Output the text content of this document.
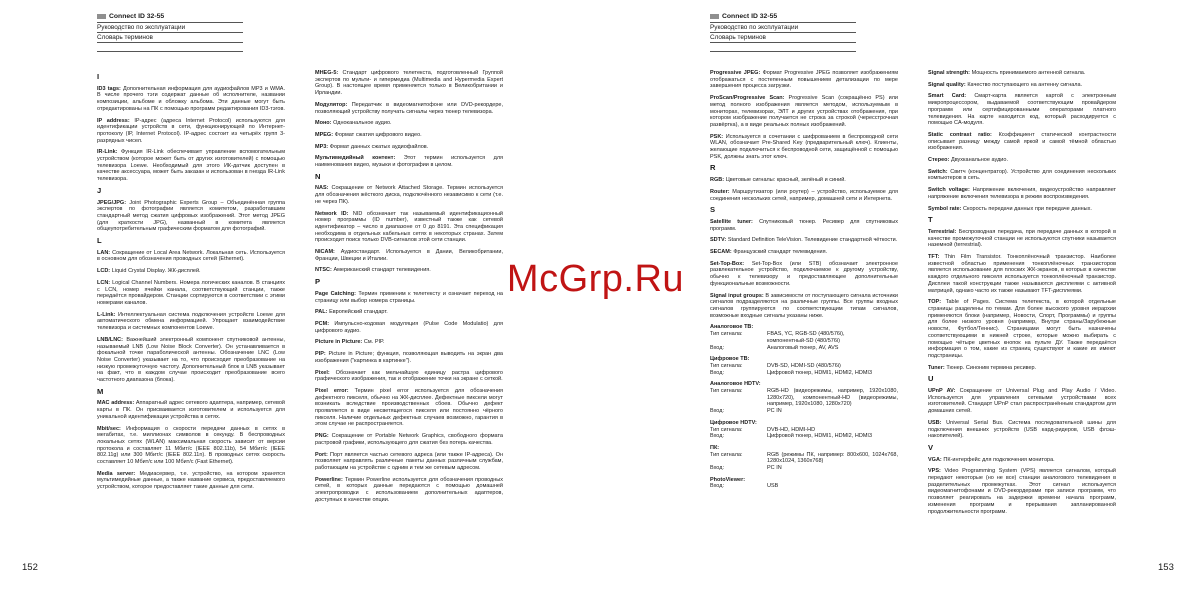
Connect ID 32-55
Руководство по эксплуатации
Словарь терминов
I
ID3 tags: Дополнительная информация для аудиофайлов MP3 и WMA. В числе прочего тэги содержат данные об исполнителе, названии композиции, альбоме и обложку альбома. Эти данные могут быть отредактированы на ПК с помощью программ редактирования ID3-тэгов.
IP address: IP-адрес (адреса Internet Protocol) используются для идентификации устройств в сети, функционирующей по Интернет-протоколу (IP, Internet Protocol). IP-адрес состоит из четырёх групп 3-разрядных чисел.
IR-Link: Функция IR-Link обеспечивает управление вспомогательным устройством (которое может быть от других изготовителей) с помощью телевизора Loewe. Необходимый для этого ИК-датчик доступен в качестве аксессуара, может быть заказан и использован в гнезда IR-Link телевизора.
J
JPEG/JPG: Joint Photographic Experts Group – Объединённая группа экспертов по фотографии является комитетом, разработавшим стандартный метод сжатия цифровых изображений. Этот метод JPEG (для краткости JPG), названный в комитета является общеупотребительным графическим форматом для фотографий.
L
LAN: Сокращение от Local Area Network. Локальная сеть. Используется в основном для обозначения проводных сетей (Ethernet).
LCD: Liquid Crystal Display. ЖК-дисплей.
LCN: Logical Channel Numbers. Номера логических каналов. В станциях с LCN, номер ячейки канала, соответствующий станции, также передаётся провайдером. Станции сортируются в соответствии с этими номерами каналов.
L-Link: Интеллектуальная система подключения устройств Loewe для автоматического обмена информацией. Упрощает взаимодействие телевизора и системных компонентов Loewe.
LNB/LNC: Важнейший электронный компонент спутниковой антенны, называемый LNB (Low Noise Block Converter). Он устанавливается в фокальной точке параболической антенны. Обозначение LNC (Low Noise Converter) указывает на то, что происходит преобразование на низкую промежуточную частоту. Дополнительный блок в LNB указывает на факт, что в каждом случае происходит преобразование всего частотного диапазона (блока).
M
MAC address: Аппаратный адрес сетевого адаптера, например, сетевой карты в ПК. Он присваивается изготовителем и используется для уникальной идентификации устройства в сетях.
Mbit/sec: Информация о скорости передачи данных в сетях в мегабитах, т.е. миллионах символов в секунду. В беспроводных локальных сетях (WLAN) максимальная скорость зависит от версии протокола и составляет 11 Мбит/с (IEEE 802.11b), 54 Мбит/с (IEEE 802.11g) или 300 Мбит/с (IEEE 802.11n). В проводных сетях скорость составляет 10 Мбит/с или 100 Мбит/с (Fast Ethernet).
Media server: Медиасервер, т.е. устройство, на котором хранятся мультимедийные данные, а также название сервиса, предоставляемого устройством, которое предоставляет такие данные для сети.
MHEG-5: Стандарт цифрового телетекста, подготовленный Группой экспертов по мульти- и гипермедиа (Multimedia and Hypermedia Expert Group). В настоящее время применяется только в Великобритании и Ирландии.
Модулятор: Передатчик в видеомагнитофоне или DVD-рекордере, позволяющий устройству получать сигналы через тюнер телевизора.
Моно: Одноканальное аудио.
MPEG: Формат сжатия цифрового видео.
MP3: Формат данных сжатых аудиофайлов.
Мультимедийный контент: Этот термин используется для наименования видео, музыки и фотографии в целом.
N
NAS: Сокращение от Network Attached Storage. Термин используется для обозначения жёсткого диска, подключённого независимо к сети (т.е. не через ПК).
Network ID: NID обозначает так называемый идентификационный номер программы (ID number), известный также как сетевой идентификатор – число в диапазоне от 0 до 8191. Эта спецификация необходима в отдельных кабельных сетях в некоторых странах. Затем происходит поиск только DVB-сигналов этой сети станции.
NICAM: Аудиостандарт. Используется в Дании, Великобритании, Франции, Швеции и Италии.
NTSC: Американский стандарт телевидения.
P
Page Catching: Термин применим к телетексту и означает переход на страницу или выбор номера страницы.
PAL: Европейский стандарт.
PCM: Импульсно-кодовая модуляция (Pulse Code Modulatio) для цифрового аудио.
Picture in Picture: См. PIP.
PIP: Picture in Picture; функция, позволяющая выводить на экран два изображения ("картинка в картинке").
Pixel: Обозначает как мельчайшую единицу растра цифрового графического изображения, так и отображение точки на экране с сеткой.
Pixel error: Термин pixel error используется для обозначения дефектного пикселя, обычно на ЖК-дисплее. Дефектные пиксели могут возникать вследствие производственных сбоев. Обычно дефект проявляется в виде несветящегося пикселя или постоянно чёрного пикселя. Наличие отдельных дефектных случаев возможно, гарантия в этом случае не распространяется.
PNG: Сокращение от Portable Network Graphics, свободного формата растровой графики, использующего для сжатия без потерь качества.
Port: Порт является частью сетевого адреса (или также IP-адреса). Он позволяет направлять различные пакеты данных различным службам, работающим на устройстве с одним и тем же сетевым адресом.
Powerline: Термин Powerline используется для обозначения проводных сетей, в которых данные передаются с помощью домашней электропроводки с использованием дополнительных адаптеров, доступных в качестве опции.
152
Connect ID 32-55
Руководство по эксплуатации
Словарь терминов
Progressive JPEG: Формат Progressive JPEG позволяет изображениям отображаться с постепенным повышением детализации по мере завершения процесса загрузки.
ProScan/Progressive Scan: Progressive Scan (сокращённо PS) или метод полного изображения является методом, используемым в мониторах, телевизорах, ЭЛТ и других устройствах отображения, при котором изображение получается не строка за строкой (чересстрочная развёртка), а в виде реальных полных изображений.
PSK: Используется в сочетании с шифрованием в беспроводной сети WLAN, обозначает Pre-Shared Key (предварительный ключ). Клиенты, желающие подключиться к беспроводной сети, защищённой с помощью PSK, должны знать этот ключ.
R
RGB: Цветовые сигналы: красный, зелёный и синий.
Router: Маршрутизатор (или роутер) – устройство, используемое для соединения нескольких сетей, например, домашней сети и Интернета.
S
Satellite tuner: Спутниковый тюнер. Ресивер для спутниковых программ.
SDTV: Standard Definition TeleVision. Телевидение стандартной чёткости.
SECAM: Французский стандарт телевидения.
Set-Top-Box: Set-Top-Box (или STB) обозначает электронное развлекательное устройство, подключаемое к другому устройству, обычно к телевизору и предоставляющее дополнительные функциональные возможности.
Signal input groups: В зависимости от поступающего сигнала источники сигналов подразделяются на различные группы. Все группы входных сигналов группируются по соответствующим типам сигналов, возможные входные сигналы указаны ниже.
Аналоговое ТВ:
Тип сигнала:	FBAS, YC, RGB-SD (480/576i),
компонентный-SD (480/576i)
Вход:	Аналоговый тюнер, AV, AVS
Цифровое ТВ:
Тип сигнала:	DVB-SD, HDMI-SD (480/576i)
Вход:	Цифровой тюнер, HDMI1, HDMI2, HDMI3
Аналоговое HDTV:
Тип сигнала:	RGB-HD (видеорежимы, например, 1920x1080, 1280x720), компонентный-HD (видеорежимы, например, 1920x1080, 1280x720)
Вход:	PC IN
Цифровое HDTV:
Тип сигнала:	DVB-HD, HDMI-HD
Вход:	Цифровой тюнер, HDMI1, HDMI2, HDMI3
ПК:
Тип сигнала:	RGB (режимы ПК, например: 800x600, 1024x768, 1280x1024, 1360x768)
Вход:	PC IN
PhotoViewer:
Вход:	USB
Signal strength: Мощность принимаемого антенной сигнала.
Signal quality: Качество поступающего на антенну сигнала.
Smart Card: Смарт-карта является картой с электронным микропроцессором, выдаваемой соответствующим провайдером программ или сертифицированными операторами платного телевидения. На карте находится код, который расходируется с помощью CA-модуля.
Static contrast ratio: Коэффициент статической контрастности описывает разницу между самой яркой и самой тёмной областью изображения.
Стерео: Двухканальное аудио.
Switch: Свитч (концентратор). Устройство для соединения нескольких компьютеров в сеть.
Switch voltage: Напряжение включения, видеоустройство направляет напряжение включения телевизора в режим воспроизведения.
Symbol rate: Скорость передачи данных при передаче данных.
T
Terrestrial: Беспроводная передача, при передаче данных в которой в качестве промежуточной станции не используются спутники называется наземной (terrestrial).
TFT: Thin Film Transistor. Тонкоплёночный транзистор. Наиболее известной областью применения тонкоплёночных транзисторов является использование для плоских ЖК-экранов, в которых в качестве каждого отдельного пикселя используется тонкоплёночный транзистор. Дисплеи такой конструкции также называются дисплеями с активной матрицей, однако часто их также называют TFT-дисплеями.
TOP: Table of Pages. Система телетекста, в которой отдельные страницы разделены по темам. Для более высокого уровня иерархии применяются блоки (например, Новости, Спорт, Программы) и группы для более низкого уровня (например, Внутри страны/Зарубежные новости, Футбол/Теннис). Страницами могут быть назначены соответствующими в нижней строке, которые можно выбирать с помощью чётыре цветных кнопок на пульте ДУ. Также передаётся информация о том, какие из страниц существуют и какие их имеют подстраницы.
Tuner: Тюнер. Синоним термина ресивер.
U
UPnP AV: Сокращение от Universal Plug and Play Audio / Video. Используется для управления сетевыми устройствами всех изготовителей. Стандарт UPnP стал распространённым стандартом для домашних сетей.
USB: Universal Serial Bus. Система последовательной шины для подключения внешних устройств (USB кард-ридеров, USB флэш-накопителей).
V
VGA: ПК-интерфейс для подключения монитора.
VPS: Video Programming System (VPS) является сигналом, который передают некоторые (но не все) станции аналогового телевидения в разделительных промежутках. Этот сигнал используется видеомагнитофонами и DVD-рекордерами при записи программ, что позволяет реагировать на задержки времени начала программ, изменения программ и прерывания запланированной продолжительности программ.
153
McGrp.Ru
